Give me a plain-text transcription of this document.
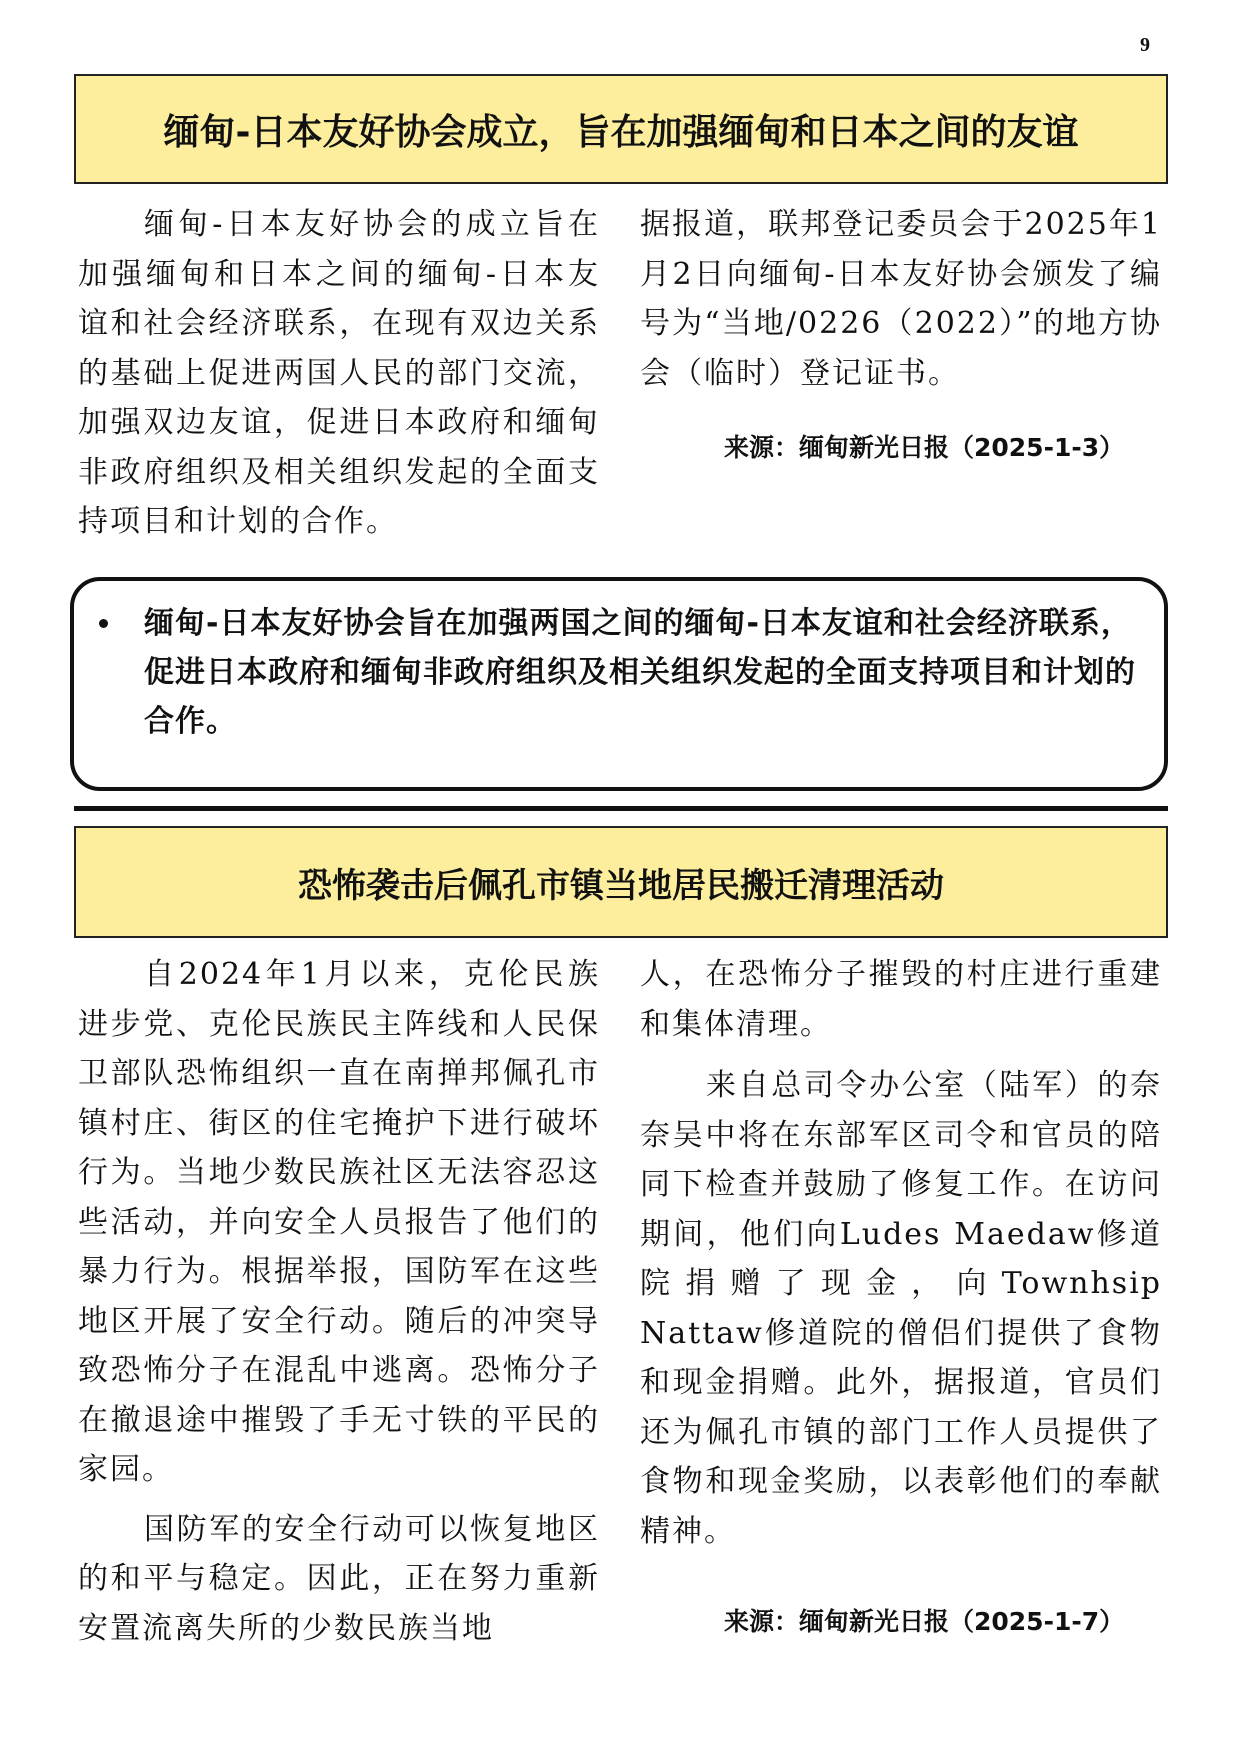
9
缅甸-日本友好协会成立，旨在加强缅甸和日本之间的友谊

缅甸-日本友好协会的成立旨在加强缅甸和日本之间的缅甸-日本友谊和社会经济联系，在现有双边关系的基础上促进两国人民的部门交流，加强双边友谊，促进日本政府和缅甸非政府组织及相关组织发起的全面支持项目和计划的合作。

据报道，联邦登记委员会于2025年1月2日向缅甸-日本友好协会颁发了编号为“当地/0226（2022）”的地方协会（临时）登记证书。

来源：缅甸新光日报（2025-1-3）
• 缅甸-日本友好协会旨在加强两国之间的缅甸-日本友谊和社会经济联系，促进日本政府和缅甸非政府组织及相关组织发起的全面支持项目和计划的合作。
恐怖袭击后佩孔市镇当地居民搬迁清理活动

自2024年1月以来，克伦民族进步党、克伦民族民主阵线和人民保卫部队恐怖组织一直在南掸邦佩孔市镇村庄、街区的住宅掩护下进行破坏行为。当地少数民族社区无法容忍这些活动，并向安全人员报告了他们的暴力行为。根据举报，国防军在这些地区开展了安全行动。随后的冲突导致恐怖分子在混乱中逃离。恐怖分子在撤退途中摧毁了手无寸铁的平民的家园。

国防军的安全行动可以恢复地区的和平与稳定。因此，正在努力重新安置流离失所的少数民族当地

人，在恐怖分子摧毁的村庄进行重建和集体清理。

来自总司令办公室（陆军）的奈奈吴中将在东部军区司令和官员的陪同下检查并鼓励了修复工作。在访问期间，他们向Ludes Maedaw修道院捐赠了现金，向Townhsip Nattaw修道院的僧侣们提供了食物和现金捐赠。此外，据报道，官员们还为佩孔市镇的部门工作人员提供了食物和现金奖励，以表彰他们的奉献精神。

来源：缅甸新光日报（2025-1-7）
